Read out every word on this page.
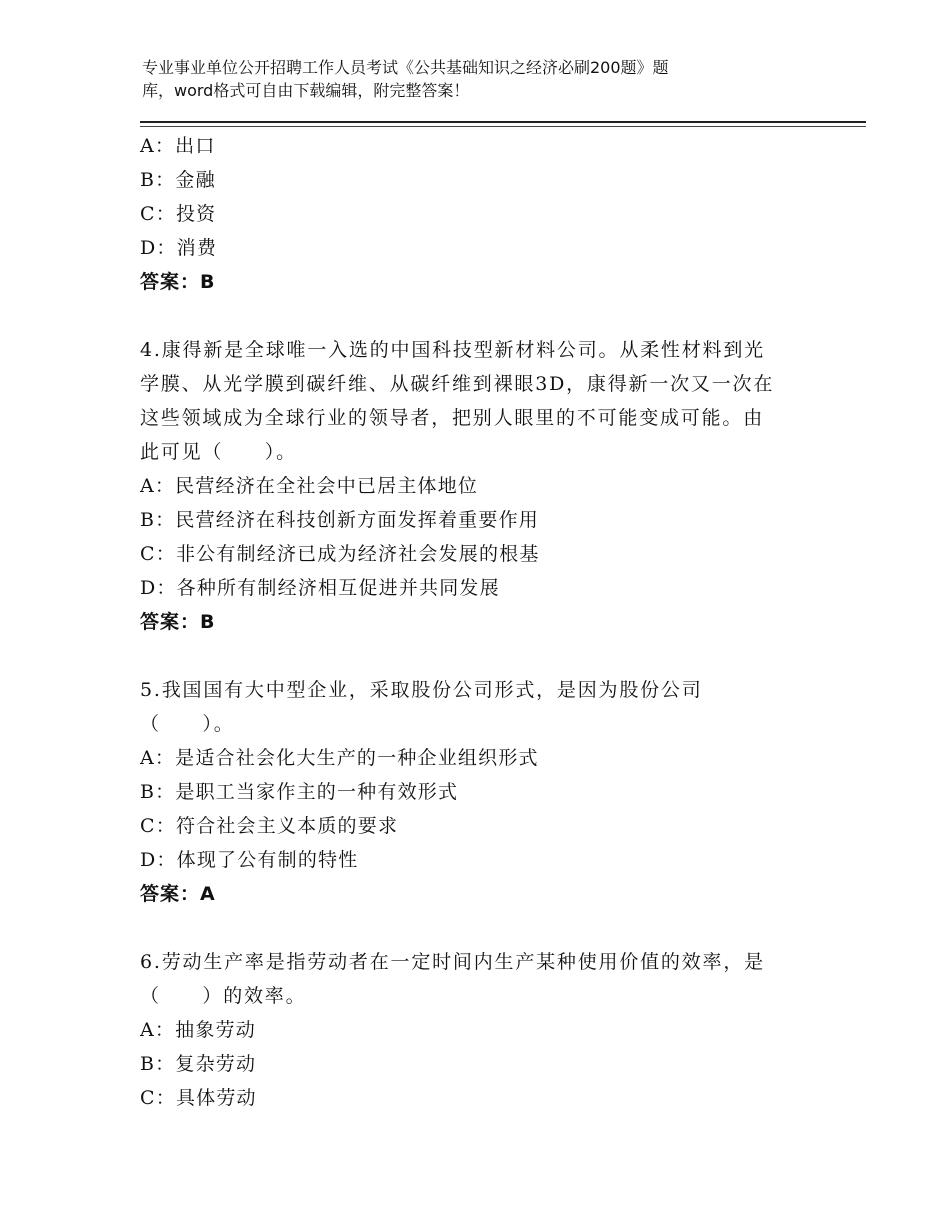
专业事业单位公开招聘工作人员考试《公共基础知识之经济必刷200题》题
库，word格式可自由下载编辑，附完整答案！
A：出口
B：金融
C：投资
D：消费
答案：B
4.康得新是全球唯一入选的中国科技型新材料公司。从柔性材料到光
学膜、从光学膜到碳纤维、从碳纤维到裸眼3D，康得新一次又一次在
这些领域成为全球行业的领导者，把别人眼里的不可能变成可能。由
此可见（　　）。
A：民营经济在全社会中已居主体地位
B：民营经济在科技创新方面发挥着重要作用
C：非公有制经济已成为经济社会发展的根基
D：各种所有制经济相互促进并共同发展
答案：B
5.我国国有大中型企业，采取股份公司形式，是因为股份公司
（　　）。
A：是适合社会化大生产的一种企业组织形式
B：是职工当家作主的一种有效形式
C：符合社会主义本质的要求
D：体现了公有制的特性
答案：A
6.劳动生产率是指劳动者在一定时间内生产某种使用价值的效率，是
（　　）的效率。
A：抽象劳动
B：复杂劳动
C：具体劳动
